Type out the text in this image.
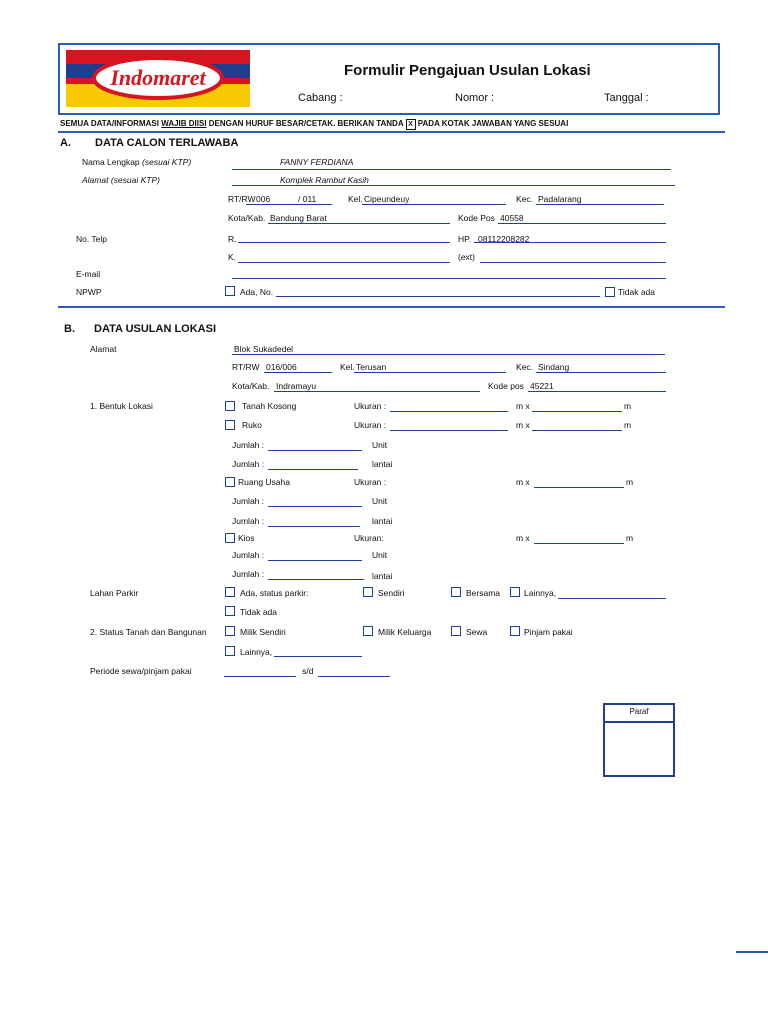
Indomaret	Formulir Pengajuan Usulan Lokasi
Cabang :	Nomor :	Tanggal :
SEMUA DATA/INFORMASI WAJIB DIISI DENGAN HURUF BESAR/CETAK. BERIKAN TANDA X PADA KOTAK JAWABAN YANG SESUAI
A. DATA CALON TERLAWABA
Nama Lengkap (sesuai KTP)	FANNY FERDIANA
Alamat (sesuai KTP)	Komplek Rambut Kasih
RT/RW 006	/ 011	Kel. Cipeundeuy	Kec. Padalarang
Kota/Kab. Bandung Barat	Kode Pos 40558
No. Telp	R.	HP. 08112208282
K.	(ext)
E-mail
NPWP	Ada, No.	Tidak ada
B. DATA USULAN LOKASI
Alamat	Blok Sukadedel
RT/RW 016/006	Kel. Terusan	Kec. Sindang
Kota/Kab. Indramayu	Kode pos 45221
1. Bentuk Lokasi	Tanah Kosong	Ukuran :	m x	m
Ruko	Ukuran :	m x	m
Jumlah :	Unit
Jumlah :	lantai
Ruang Usaha	Ukuran :	m x	m
Jumlah :	Unit
Jumlah :	lantai
Kios	Ukuran:	m x	m
Jumlah :	Unit
Jumlah :	lantai
Lahan Parkir	Ada, status parkir:	Sendiri	Bersama	Lainnya,
Tidak ada
2. Status Tanah dan Bangunan	Milik Sendiri	Milik Keluarga	Sewa	Pinjam pakai
Lainnya,
Periode sewa/pinjam pakai	s/d
Paraf
